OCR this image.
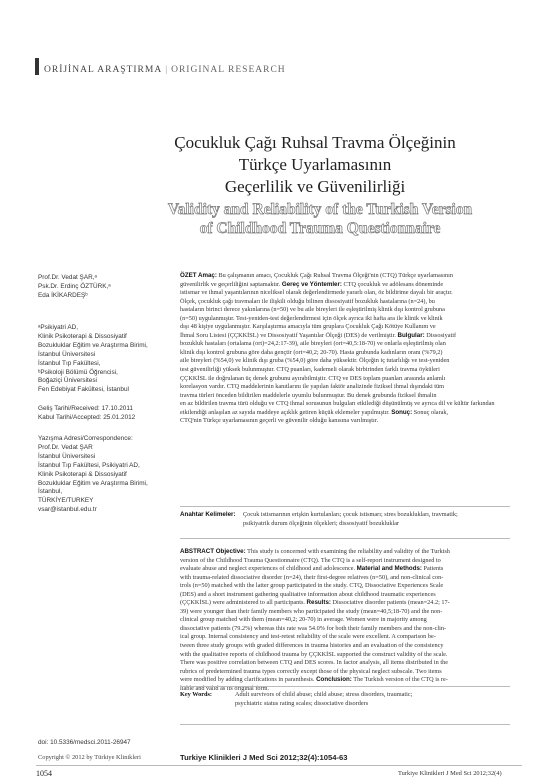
ORİJİNAL ARAŞTIRMA | ORIGINAL RESEARCH
Çocukluk Çağı Ruhsal Travma Ölçeğinin
Türkçe Uyarlamasının
Geçerlilik ve Güvenilirliği
Validity and Reliability of the Turkish Version
of Childhood Trauma Questionnaire
Prof.Dr. Vedat ŞAR,ᵃ
Psk.Dr. Erdinç ÖZTÜRK,ᵃ
Eda İKİKARDEŞᵇ
ᵃPsikiyatri AD,
Klinik Psikoterapi & Dissosiyatif
Bozukluklar Eğitim ve Araştırma Birimi,
İstanbul Üniversitesi
İstanbul Tıp Fakültesi,
ᵇPsikoloji Bölümü Öğrencisi,
Boğaziçi Üniversitesi
Fen Edebiyat Fakültesi, İstanbul
Geliş Tarihi/Received: 17.10.2011
Kabul Tarihi/Accepted: 25.01.2012
Yazışma Adresi/Correspondence:
Prof.Dr. Vedat ŞAR
İstanbul Üniversitesi
İstanbul Tıp Fakültesi, Psikiyatri AD,
Klinik Psikoterapi & Dissosiyatif
Bozukluklar Eğitim ve Araştırma Birimi,
İstanbul,
TÜRKİYE/TURKEY
vsar@istanbul.edu.tr
ÖZET Amaç: Bu çalışmanın amacı, Çocukluk Çağı Ruhsal Travma Ölçeği'nin (CTQ) Türkçe uyarlamasının
güvenilirlik ve geçerliliğini saptamaktır. Gereç ve Yöntemler: CTQ çocukluk ve adölesans döneminde
istismar ve ihmal yaşantılarının niceliksel olarak değerlendirmede yararlı olan, öz bildirime dayalı bir araçtır.
Ölçek, çocukluk çağı travmaları ile ilişkili olduğu bilinen dissosiyatif bozukluk hastalarına (n=24), bu
hastaların birinci derece yakınlarına (n=50) ve bu aile bireyleri ile eşleştirilmiş klinik dışı kontrol grubuna
(n=50) uygulanmıştır. Test-yeniden-test değerlendirmesi için ölçek ayrıca iki hafta ara ile klinik ve klinik
dışı 48 kişiye uygulanmıştır. Karşılaştırma amacıyla tüm gruplara Çocukluk Çağı Kötüye Kullanım ve
İhmal Soru Listesi (ÇÇKKİSL) ve Dissosiyatif Yaşantılar Ölçeği (DES) de verilmiştir. Bulgular: Dissosiyatif
bozukluk hastaları (ortalama (ort)=24,2:17-39), aile bireyleri (ort=40,5:18-70) ve onlarla eşleştirilmiş olan
klinik dışı kontrol grubuna göre daha gençtir (ort=40,2; 20-70). Hasta grubunda kadınların oranı (%79,2)
aile bireyleri (%54,0) ve klinik dışı gruba (%54,0) göre daha yüksektir. Ölçeğin iç tutarlılığı ve test-yeniden
test güvenilirliği yüksek bulunmuştur. CTQ puanları, kademeli olarak birbirinden farklı travma öyküleri
ÇÇKKİSL ile doğrulanan üç denek grubunu ayırabilmiştir. CTQ ve DES toplam puanları arasında anlamlı
korelasyon vardır. CTQ maddelerinin kanıtlarını ile yapılan faktör analizinde fiziksel ihmal dışındaki tüm
travma türleri önceden bildirilen maddelerle uyumlu bulunmuştur. Bu denek grubunda fiziksel ihmalin
en az bildirilen travma türü olduğu ve CTQ ihmal sorusunun bulguları etkilediği düşünülmüş ve ayrıca dil ve kültür farkından
etkilendiği anlaşılan az sayıda maddeye açıklık getiren küçük eklemeler yapılmıştır. Sonuç: Sonuç olarak,
CTQ'nin Türkçe uyarlamasının geçerli ve güvenilir olduğu kanısına varılmıştır.
Anahtar Kelimeler:	Çocuk istismarının erişkin kurtulanları; çocuk istismarı; stres bozuklukları, travmatik;
psikiyatrik durum ölçeğinin ölçekleri; dissosiyatif bozukluklar
ABSTRACT Objective: This study is concerned with examining the reliability and validity of the Turkish
version of the Childhood Trauma Questionnaire (CTQ). The CTQ is a self-report instrument designed to
evaluate abuse and neglect experiences of childhood and adolescence. Material and Methods: Patients
with trauma-related dissociative disorder (n=24), their first-degree relatives (n=50), and non-clinical con-
trols (n=50) matched with the latter group participated in the study. CTQ, Dissociative Experiences Scale
(DES) and a short instrument gathering qualitative information about childhood traumatic experiences
(ÇÇKKİSL) were administered to all participants. Results: Dissociative disorder patients (mean=24.2; 17-
39) were younger than their family members who participated the study (mean=40,5;18-70) and the non-
clinical group matched with them (mean=40,2; 20-70) in average. Women were in majority among
dissociative patients (79.2%) whereas this rate was 54.0% for both their family members and the non-clin-
ical group. Internal consistency and test-retest reliability of the scale were excellent. A comparison be-
tween three study groups with graded differences in trauma histories and an evaluation of the consistency
with the qualitative reports of childhood trauma by ÇÇKKİSL supported the construct validity of the scale.
There was positive correlation between CTQ and DES scores. In factor analysis, all items distributed in the
rubrics of predetermined trauma types correctly except those of the physical neglect subscale. Two items
were modified by adding clarifications in paranthesis. Conclusion: The Turkish version of the CTQ is re-
liable and valid as its original form.
Key Words:	Adult survivors of child abuse; child abuse; stress disorders, traumatic;
psychiatric status rating scales; dissociative disorders
doi: 10.5336/medsci.2011-26947
Copyright © 2012 by Türkiye Klinikleri	Turkiye Klinikleri J Med Sci 2012;32(4):1054-63
1054	Turkiye Klinikleri J Med Sci 2012;32(4)
